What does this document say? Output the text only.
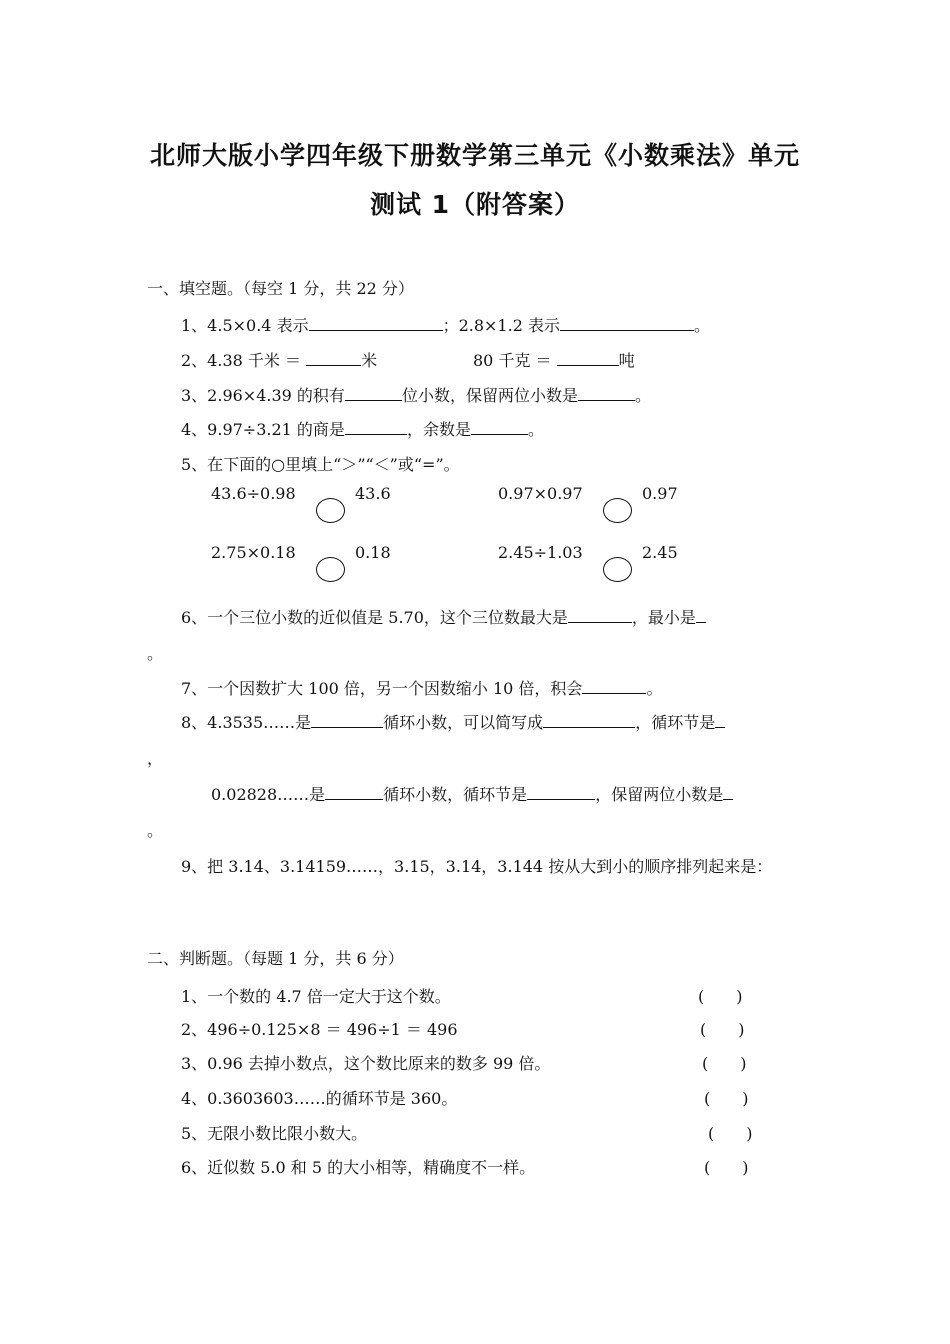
北师大版小学四年级下册数学第三单元《小数乘法》单元
测试 1（附答案）
一、填空题。（每空 1 分，共 22 分）
1、4.5×0.4 表示	；2.8×1.2 表示	。
2、4.38 千米 ＝	米	80 千克 ＝	吨
3、2.96×4.39 的积有	位小数，保留两位小数是	。
4、9.97÷3.21 的商是	，余数是	。
5、在下面的○里填上“＞”“＜”或“=”。
43.6÷0.98	43.6	0.97×0.97	0.97
2.75×0.18	0.18	2.45÷1.03	2.45
6、一个三位小数的近似值是 5.70，这个三位数最大是	，最小是
。
7、一个因数扩大 100 倍，另一个因数缩小 10 倍，积会	。
8、4.3535……是	循环小数，可以简写成	，循环节是
，
0.02828……是	循环小数，循环节是	，保留两位小数是
。
9、把 3.14、3.14159……，3.15，3.14，3.144 按从大到小的顺序排列起来是：
二、判断题。（每题 1 分，共 6 分）
1、一个数的 4.7 倍一定大于这个数。	(　　)
2、496÷0.125×8 ＝ 496÷1 ＝ 496	(　　)
3、0.96 去掉小数点，这个数比原来的数多 99 倍。	(　　)
4、0.3603603……的循环节是 360。	(　　)
5、无限小数比限小数大。	(　　)
6、近似数 5.0 和 5 的大小相等，精确度不一样。	(　　)
